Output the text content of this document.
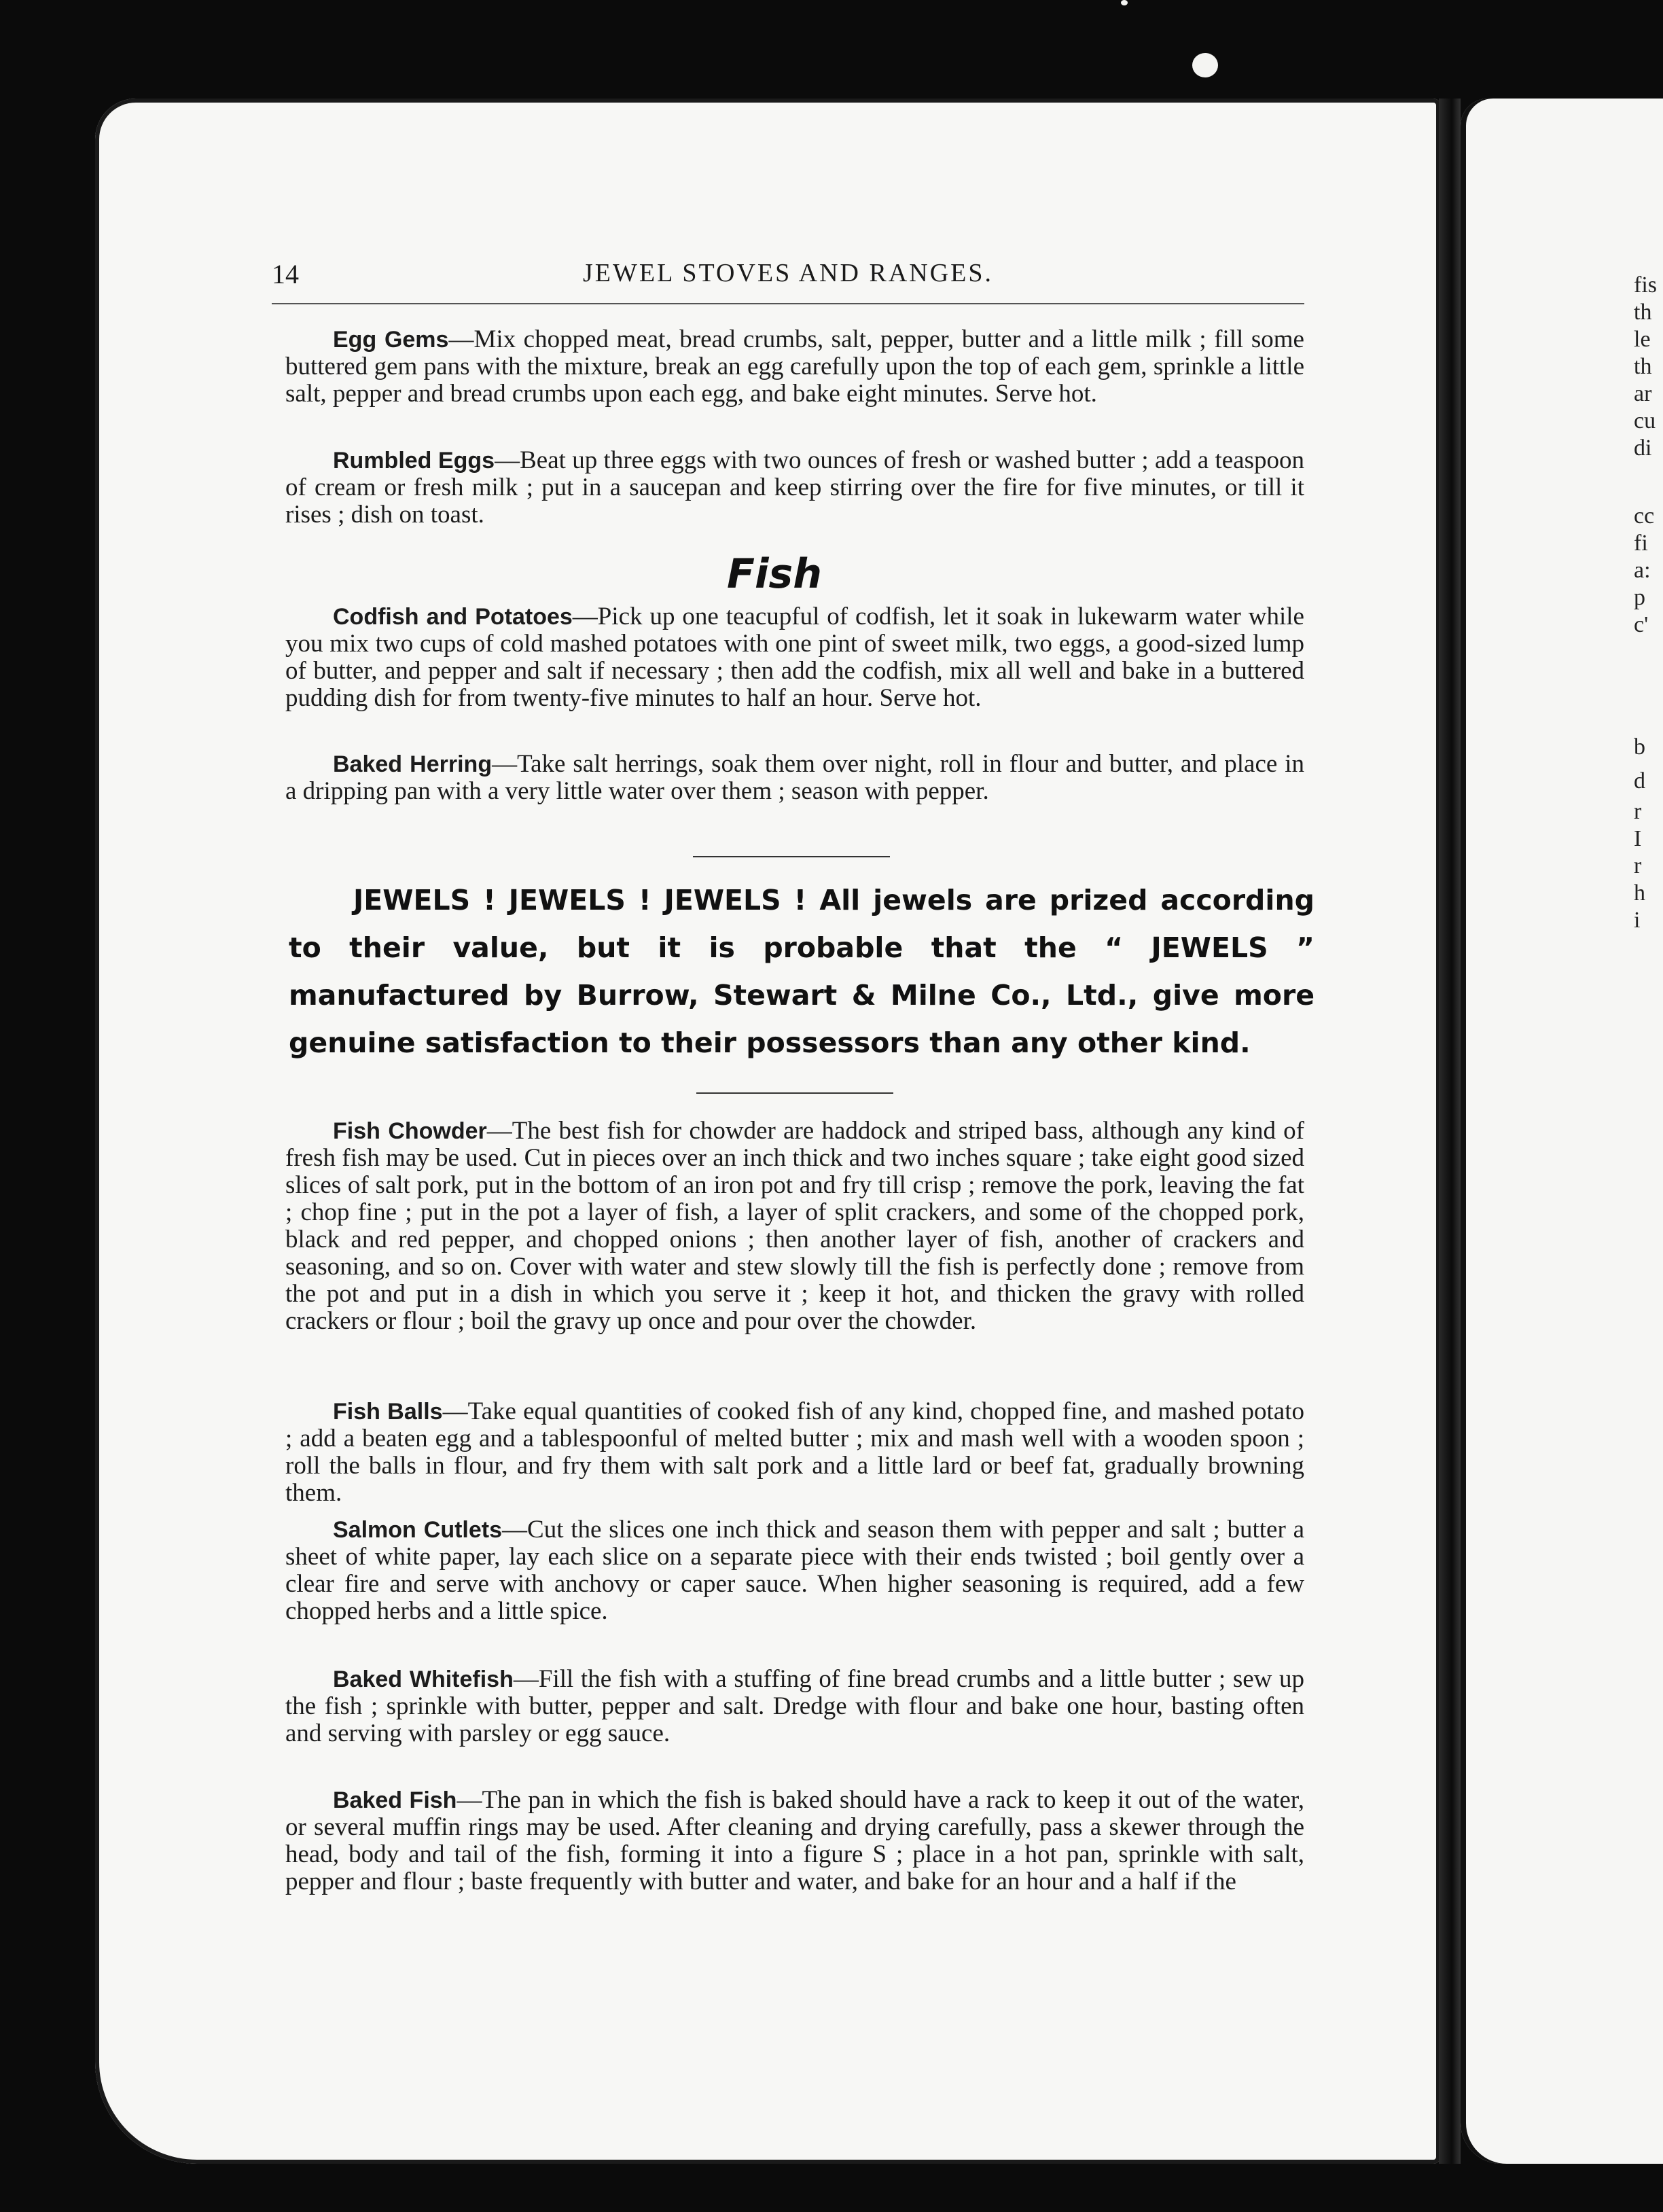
fis
th
le
th
ar
cu
di
cc
fi
a:
p
c'
b
d
r
I
r
h
i
14	JEWEL STOVES AND RANGES.

Egg Gems—Mix chopped meat, bread crumbs, salt, pepper, butter and a little milk ; fill some buttered gem pans with the mixture, break an egg carefully upon the top of each gem, sprinkle a little salt, pepper and bread crumbs upon each egg, and bake eight minutes. Serve hot.

Rumbled Eggs—Beat up three eggs with two ounces of fresh or washed butter ; add a teaspoon of cream or fresh milk ; put in a saucepan and keep stirring over the fire for five minutes, or till it rises ; dish on toast.

Fish

Codfish and Potatoes—Pick up one teacupful of codfish, let it soak in lukewarm water while you mix two cups of cold mashed potatoes with one pint of sweet milk, two eggs, a good-sized lump of butter, and pepper and salt if necessary ; then add the codfish, mix all well and bake in a buttered pudding dish for from twenty-five minutes to half an hour. Serve hot.

Baked Herring—Take salt herrings, soak them over night, roll in flour and butter, and place in a dripping pan with a very little water over them ; season with pepper.

JEWELS ! JEWELS ! JEWELS ! All jewels are prized according to their value, but it is probable that the “ JEWELS ” manufactured by Burrow, Stewart & Milne Co., Ltd., give more genuine satisfaction to their possessors than any other kind.

Fish Chowder—The best fish for chowder are haddock and striped bass, although any kind of fresh fish may be used. Cut in pieces over an inch thick and two inches square ; take eight good sized slices of salt pork, put in the bottom of an iron pot and fry till crisp ; remove the pork, leaving the fat ; chop fine ; put in the pot a layer of fish, a layer of split crackers, and some of the chopped pork, black and red pepper, and chopped onions ; then another layer of fish, another of crackers and seasoning, and so on. Cover with water and stew slowly till the fish is perfectly done ; remove from the pot and put in a dish in which you serve it ; keep it hot, and thicken the gravy with rolled crackers or flour ; boil the gravy up once and pour over the chowder.

Fish Balls—Take equal quantities of cooked fish of any kind, chopped fine, and mashed potato ; add a beaten egg and a tablespoonful of melted butter ; mix and mash well with a wooden spoon ; roll the balls in flour, and fry them with salt pork and a little lard or beef fat, gradually browning them.

Salmon Cutlets—Cut the slices one inch thick and season them with pepper and salt ; butter a sheet of white paper, lay each slice on a separate piece with their ends twisted ; boil gently over a clear fire and serve with anchovy or caper sauce. When higher seasoning is required, add a few chopped herbs and a little spice.

Baked Whitefish—Fill the fish with a stuffing of fine bread crumbs and a little butter ; sew up the fish ; sprinkle with butter, pepper and salt. Dredge with flour and bake one hour, basting often and serving with parsley or egg sauce.

Baked Fish—The pan in which the fish is baked should have a rack to keep it out of the water, or several muffin rings may be used. After cleaning and drying carefully, pass a skewer through the head, body and tail of the fish, forming it into a figure S ; place in a hot pan, sprinkle with salt, pepper and flour ; baste frequently with butter and water, and bake for an hour and a half if the
